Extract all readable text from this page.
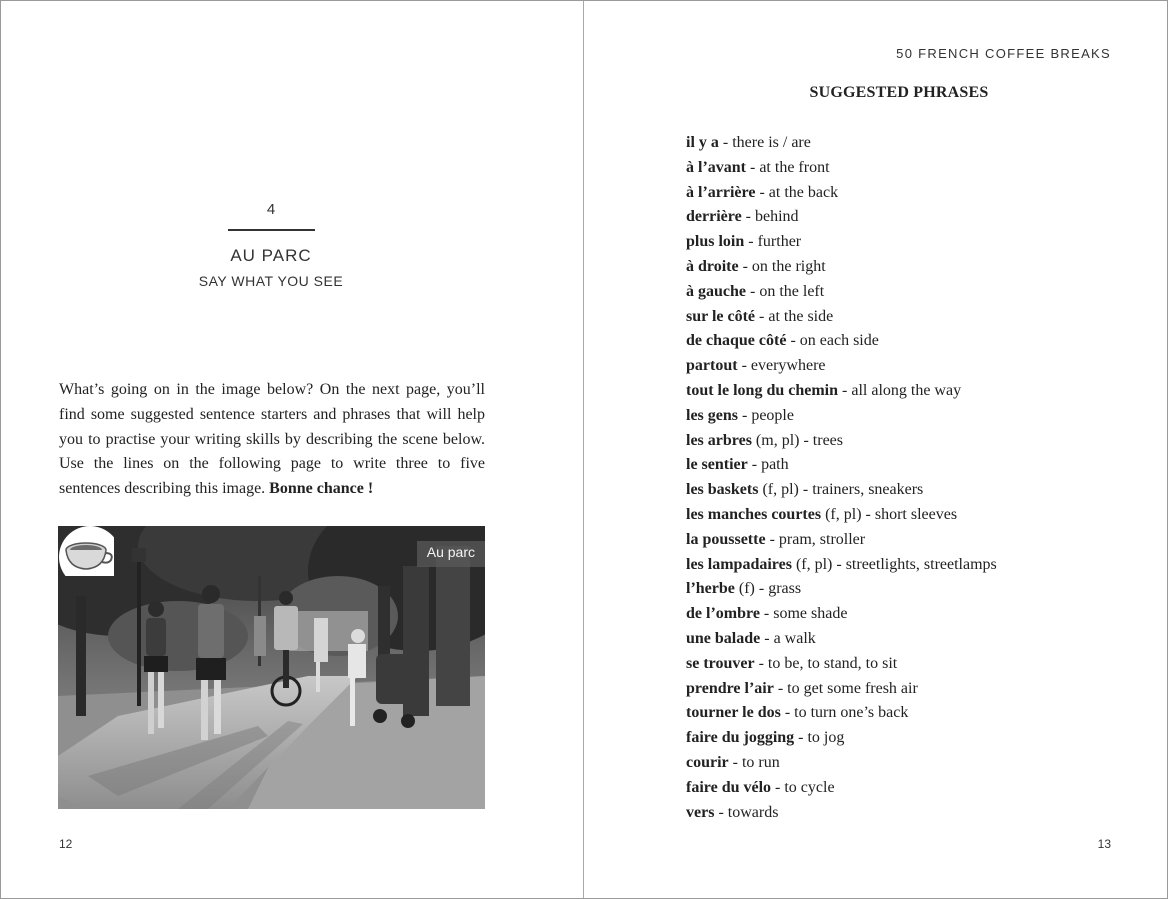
4
AU PARC
SAY WHAT YOU SEE

What’s going on in the image below? On the next page, you’ll find some suggested sentence starters and phrases that will help you to practise your writing skills by describing the scene below. Use the lines on the following page to write three to five sentences describing this image. Bonne chance !

Au parc
12
50 FRENCH COFFEE BREAKS
SUGGESTED PHRASES
il y a - there is / are
à l’avant - at the front
à l’arrière - at the back
derrière - behind
plus loin - further
à droite - on the right
à gauche - on the left
sur le côté - at the side
de chaque côté - on each side
partout - everywhere
tout le long du chemin - all along the way
les gens - people
les arbres (m, pl) - trees
le sentier - path
les baskets (f, pl) - trainers, sneakers
les manches courtes (f, pl) - short sleeves
la poussette - pram, stroller
les lampadaires (f, pl) - streetlights, streetlamps
l’herbe (f) - grass
de l’ombre - some shade
une balade - a walk
se trouver - to be, to stand, to sit
prendre l’air - to get some fresh air
tourner le dos - to turn one’s back
faire du jogging - to jog
courir - to run
faire du vélo - to cycle
vers - towards
13
